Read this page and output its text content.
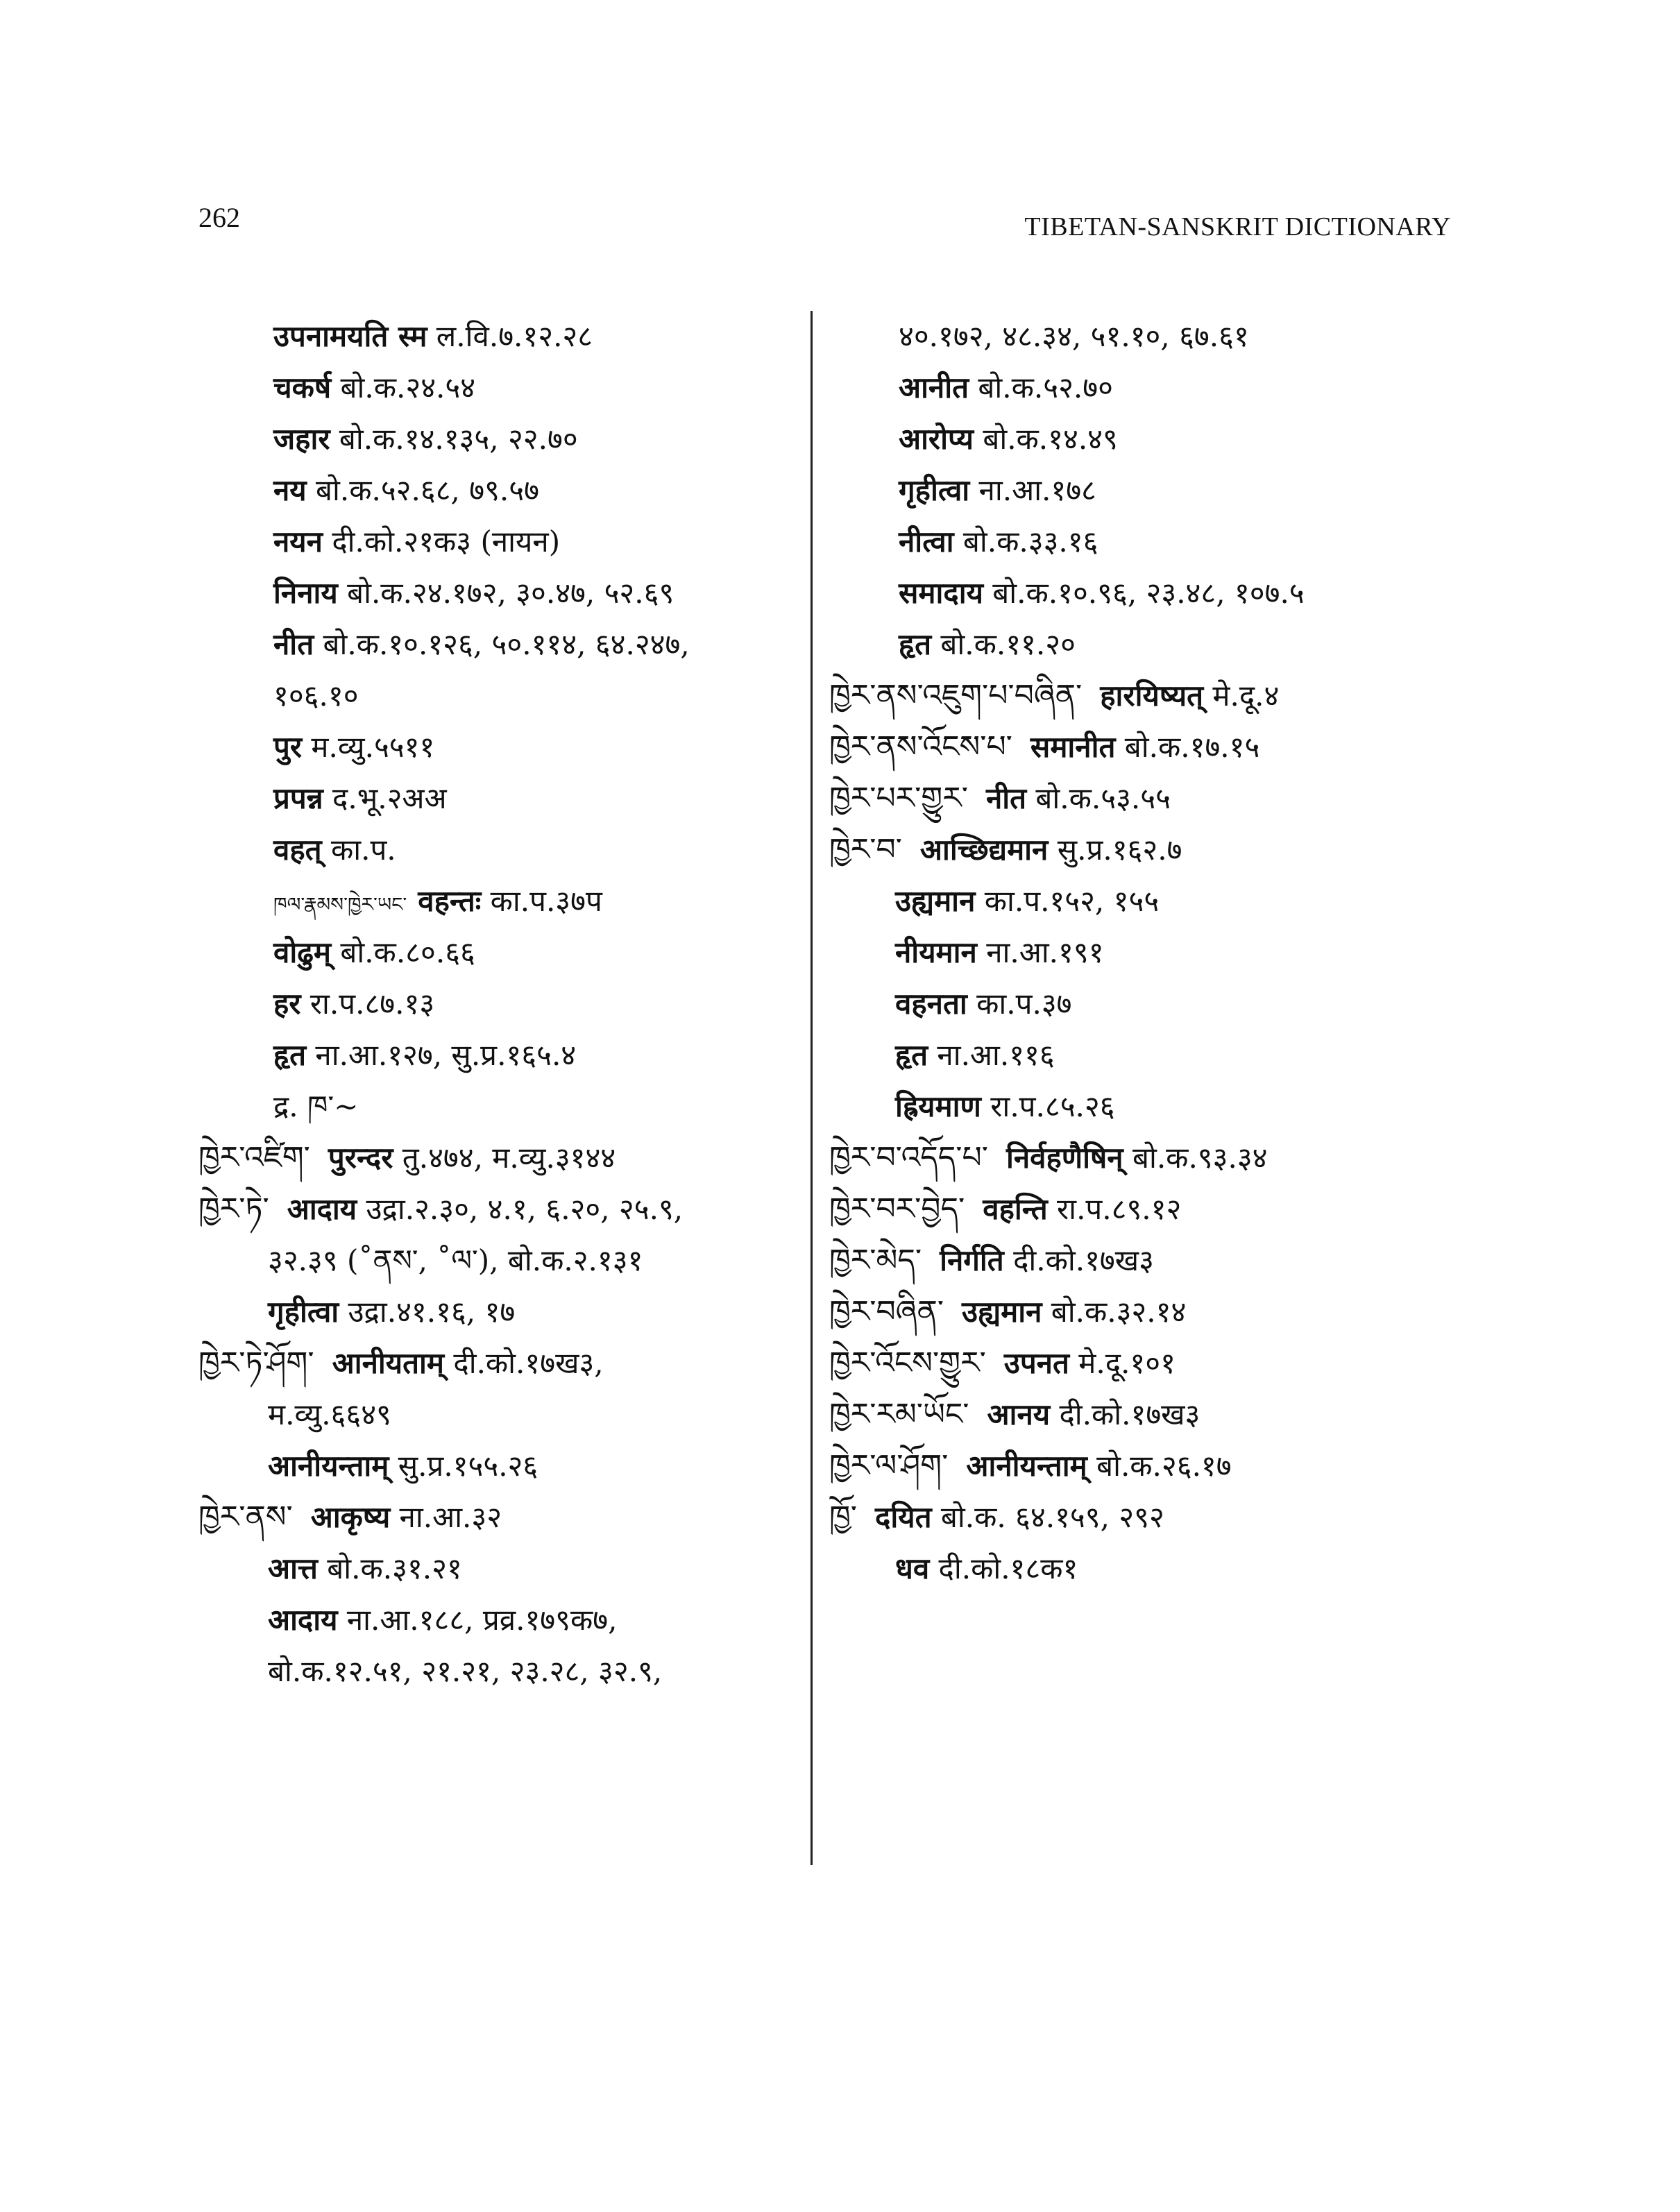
262	TIBETAN-SANSKRIT DICTIONARY
उपनामयति स्म ल.वि.७.१२.२८
चकर्ष बो.क.२४.५४
जहार बो.क.१४.१३५, २२.७०
नय बो.क.५२.६८, ७९.५७
नयन दी.को.२१क३ (नायन)
निनाय बो.क.२४.१७२, ३०.४७, ५२.६९
नीत बो.क.१०.१२६, ५०.११४, ६४.२४७,
१०६.१०
पुर म.व्यु.५५११
प्रपन्न द.भू.२अअ
वहत् का.प.
ཁལ་རྣམས་ཁྱེར་ཡང་ वहन्तः का.प.३७प
वोढुम् बो.क.८०.६६
हर रा.प.८७.१३
हृत ना.आ.१२७, सु.प्र.१६५.४
द्र. ཁ་~
ཁྱེར་འཛིག་ पुरन्दर तु.४७४, म.व्यु.३१४४
ཁྱེར་ཏེ་ आदाय उद्रा.२.३०, ४.१, ६.२०, २५.९,
३२.३९ (˚ནས་, ˚ལ་), बो.क.२.१३१
गृहीत्वा उद्रा.४१.१६, १७
ཁྱེར་ཏེ་ཤོག་ आनीयताम् दी.को.१७ख३,
म.व्यु.६६४९
आनीयन्ताम् सु.प्र.१५५.२६
ཁྱེར་ནས་ आकृष्य ना.आ.३२
आत्त बो.क.३१.२१
आदाय ना.आ.१८८, प्रव्र.१७९क७,
बो.क.१२.५१, २१.२१, २३.२८, ३२.९,
४०.१७२, ४८.३४, ५१.१०, ६७.६१
आनीत बो.क.५२.७०
आरोप्य बो.क.१४.४९
गृहीत्वा ना.आ.१७८
नीत्वा बो.क.३३.१६
समादाय बो.क.१०.९६, २३.४८, १०७.५
हृत बो.क.११.२०
ཁྱེར་ནས་འཇུག་པ་བཞིན་ हारयिष्यत् मे.दू.४
ཁྱེར་ནས་འོངས་པ་ समानीत बो.क.१७.१५
ཁྱེར་པར་གྱུར་ नीत बो.क.५३.५५
ཁྱེར་བ་ आच्छिद्यमान सु.प्र.१६२.७
उह्यमान का.प.१५२, १५५
नीयमान ना.आ.१९१
वहनता का.प.३७
हृत ना.आ.११६
ह्रियमाण रा.प.८५.२६
ཁྱེར་བ་འདོད་པ་ निर्वहणैषिन् बो.क.९३.३४
ཁྱེར་བར་བྱེད་ वहन्ति रा.प.८९.१२
ཁྱེར་མེད་ निर्गति दी.को.१७ख३
ཁྱེར་བཞིན་ उह्यमान बो.क.३२.१४
ཁྱེར་འོངས་གྱུར་ उपनत मे.दू.१०१
ཁྱེར་རམ་ཡོང་ आनय दी.को.१७ख३
ཁྱེར་ལ་ཤོག་ आनीयन्ताम् बो.क.२६.१७
ཁྱོ་ दयित बो.क. ६४.१५९, २९२
धव दी.को.१८क१
